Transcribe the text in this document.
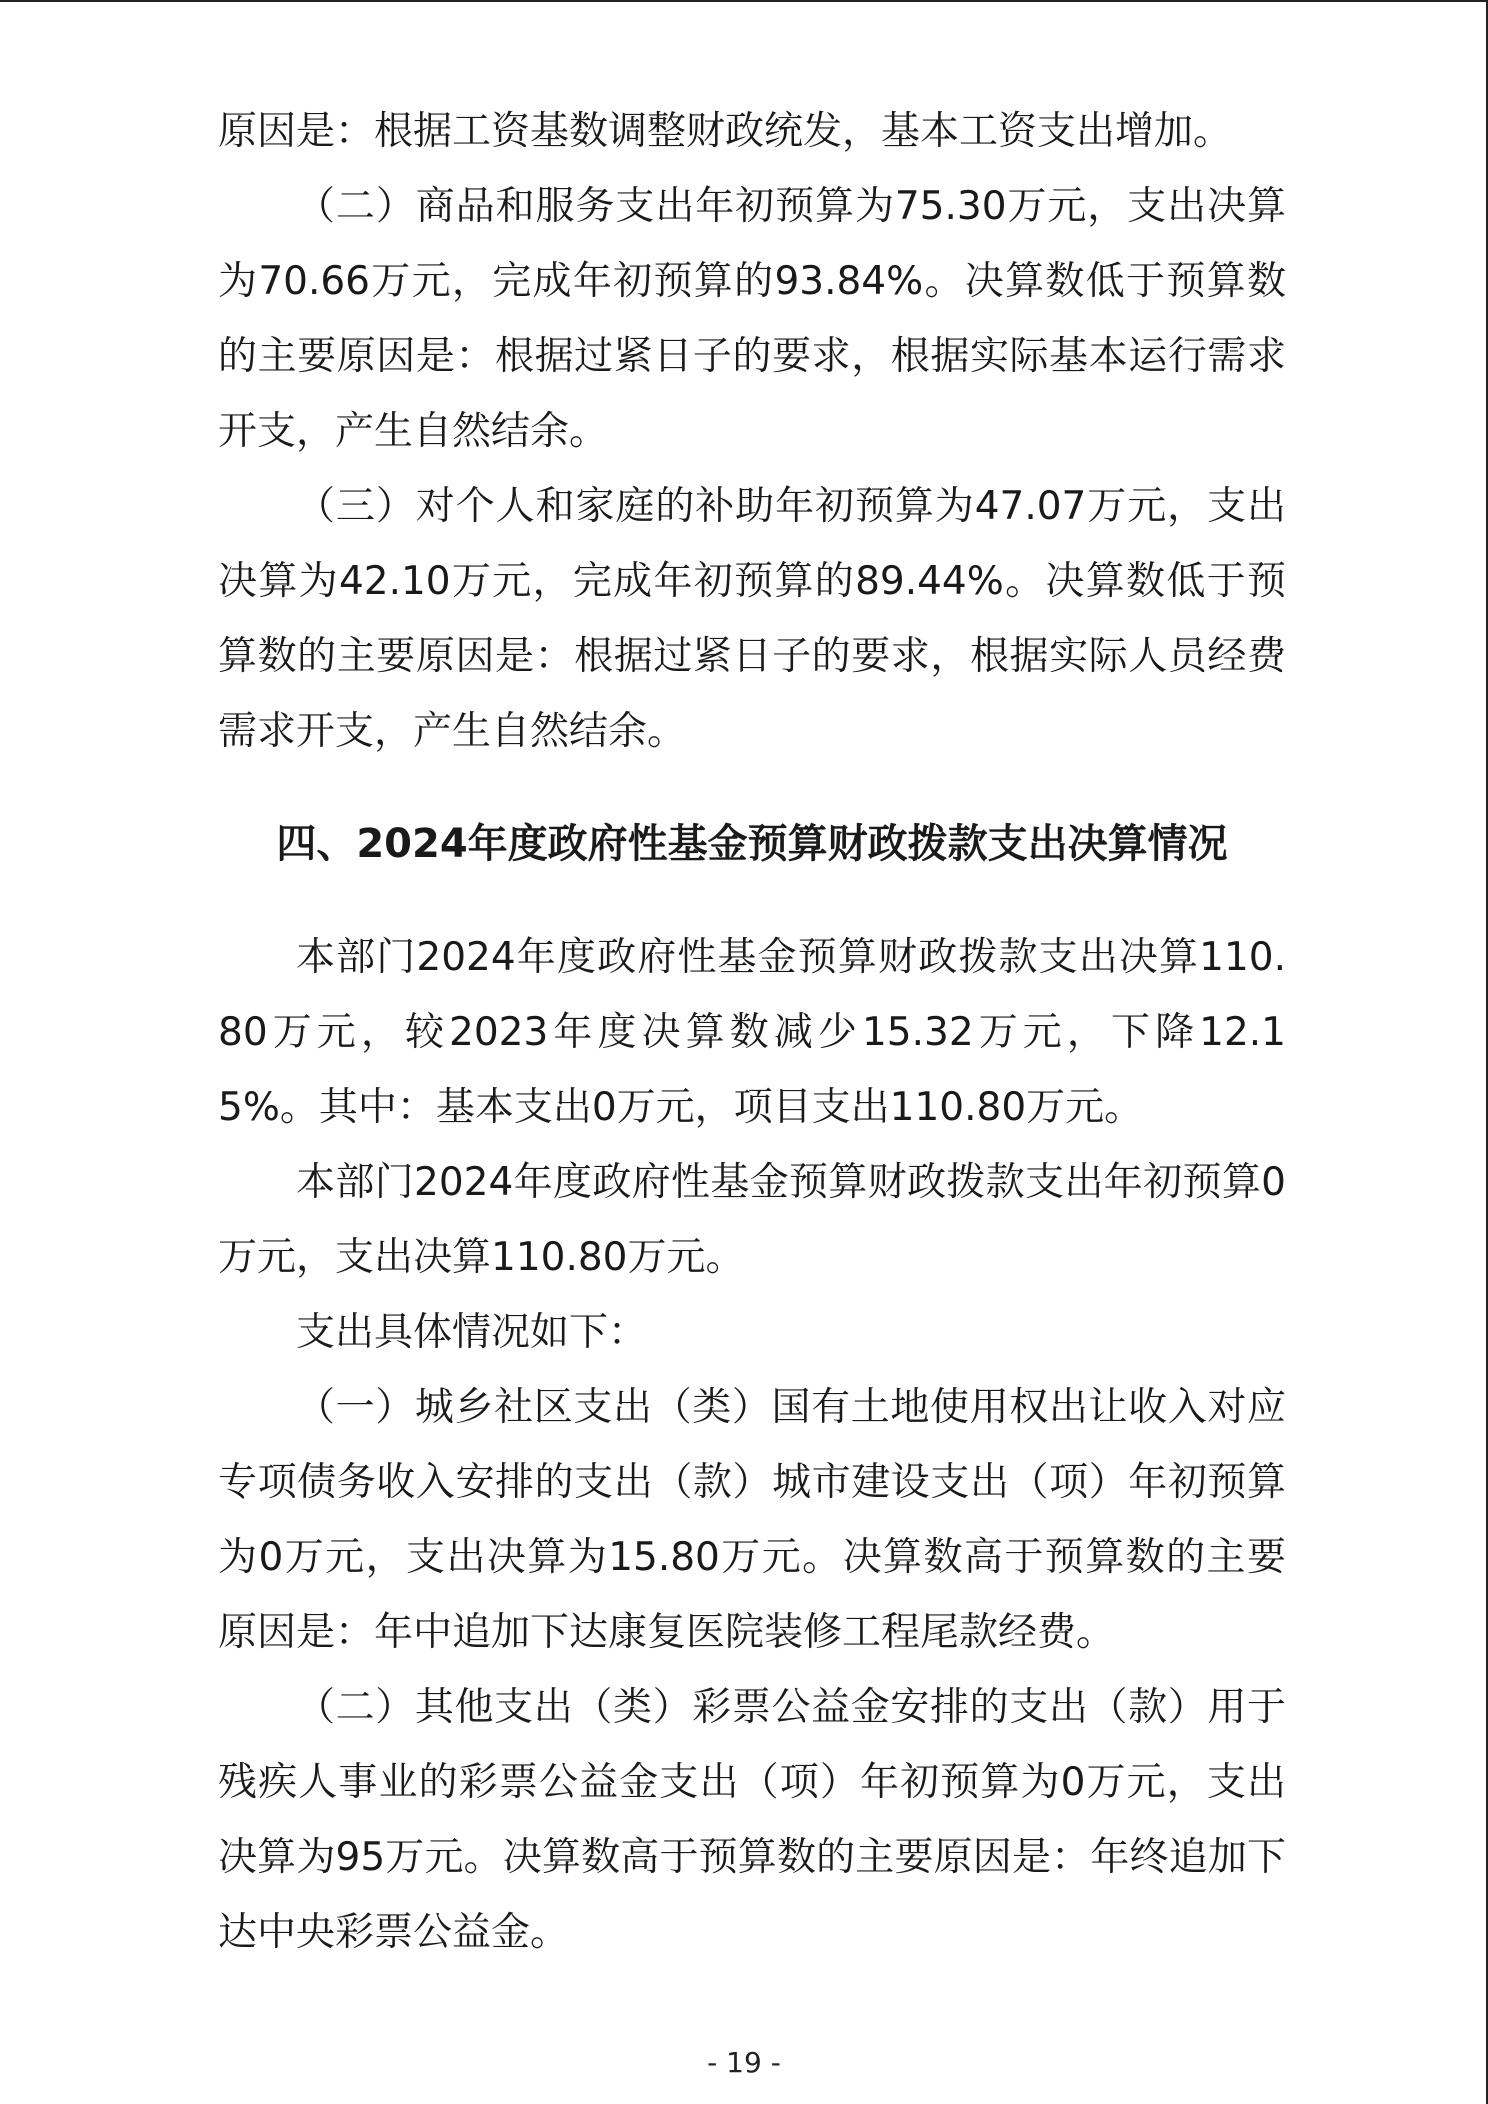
原因是：根据工资基数调整财政统发，基本工资支出增加。

（二）商品和服务支出年初预算为75.30万元，支出决算为70.66万元，完成年初预算的93.84%。决算数低于预算数的主要原因是：根据过紧日子的要求，根据实际基本运行需求开支，产生自然结余。

（三）对个人和家庭的补助年初预算为47.07万元，支出决算为42.10万元，完成年初预算的89.44%。决算数低于预算数的主要原因是：根据过紧日子的要求，根据实际人员经费需求开支，产生自然结余。

四、2024年度政府性基金预算财政拨款支出决算情况

本部门2024年度政府性基金预算财政拨款支出决算110.80万元，较2023年度决算数减少15.32万元，下降12.15%。其中：基本支出0万元，项目支出110.80万元。

本部门2024年度政府性基金预算财政拨款支出年初预算0万元，支出决算110.80万元。

支出具体情况如下：

（一）城乡社区支出（类）国有土地使用权出让收入对应专项债务收入安排的支出（款）城市建设支出（项）年初预算为0万元，支出决算为15.80万元。决算数高于预算数的主要原因是：年中追加下达康复医院装修工程尾款经费。

（二）其他支出（类）彩票公益金安排的支出（款）用于残疾人事业的彩票公益金支出（项）年初预算为0万元，支出决算为95万元。决算数高于预算数的主要原因是：年终追加下达中央彩票公益金。

- 19 -
